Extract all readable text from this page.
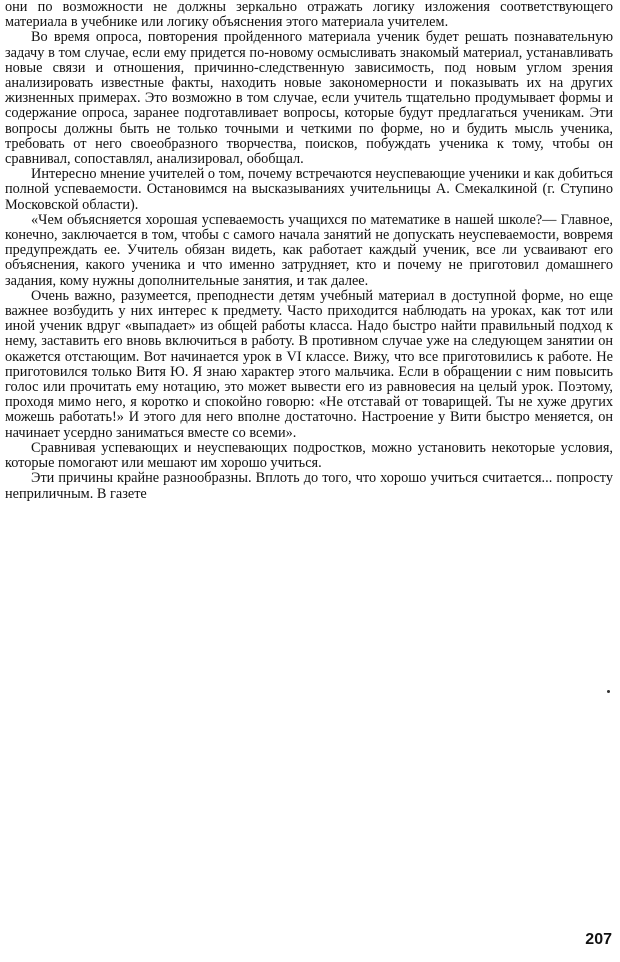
они по возможности не должны зеркально отражать логику изложения соответствующего материала в учебнике или логику объяснения этого материала учителем.

Во время опроса, повторения пройденного материала ученик будет решать познавательную задачу в том случае, если ему придется по-новому осмысливать знакомый материал, устанавливать новые связи и отношения, причинно-следственную зависимость, под новым углом зрения анализировать известные факты, находить новые закономерности и показывать их на других жизненных примерах. Это возможно в том случае, если учитель тщательно продумывает формы и содержание опроса, заранее подготавливает вопросы, которые будут предлагаться ученикам. Эти вопросы должны быть не только точными и четкими по форме, но и будить мысль ученика, требовать от него своеобразного творчества, поисков, побуждать ученика к тому, чтобы он сравнивал, сопоставлял, анализировал, обобщал.

Интересно мнение учителей о том, почему встречаются неуспевающие ученики и как добиться полной успеваемости. Остановимся на высказываниях учительницы А. Смекалкиной (г. Ступино Московской области).

«Чем объясняется хорошая успеваемость учащихся по математике в нашей школе?— Главное, конечно, заключается в том, чтобы с самого начала занятий не допускать неуспеваемости, вовремя предупреждать ее. Учитель обязан видеть, как работает каждый ученик, все ли усваивают его объяснения, какого ученика и что именно затрудняет, кто и почему не приготовил домашнего задания, кому нужны дополнительные занятия, и так далее.

Очень важно, разумеется, преподнести детям учебный материал в доступной форме, но еще важнее возбудить у них интерес к предмету. Часто приходится наблюдать на уроках, как тот или иной ученик вдруг «выпадает» из общей работы класса. Надо быстро найти правильный подход к нему, заставить его вновь включиться в работу. В противном случае уже на следующем занятии он окажется отстающим. Вот начинается урок в VI классе. Вижу, что все приготовились к работе. Не приготовился только Витя Ю. Я знаю характер этого мальчика. Если в обращении с ним повысить голос или прочитать ему нотацию, это может вывести его из равновесия на целый урок. Поэтому, проходя мимо него, я коротко и спокойно говорю: «Не отставай от товарищей. Ты не хуже других можешь работать!» И этого для него вполне достаточно. Настроение у Вити быстро меняется, он начинает усердно заниматься вместе со всеми».

Сравнивая успевающих и неуспевающих подростков, можно установить некоторые условия, которые помогают или мешают им хорошо учиться.

Эти причины крайне разнообразны. Вплоть до того, что хорошо учиться считается... попросту неприличным. В газете

207
